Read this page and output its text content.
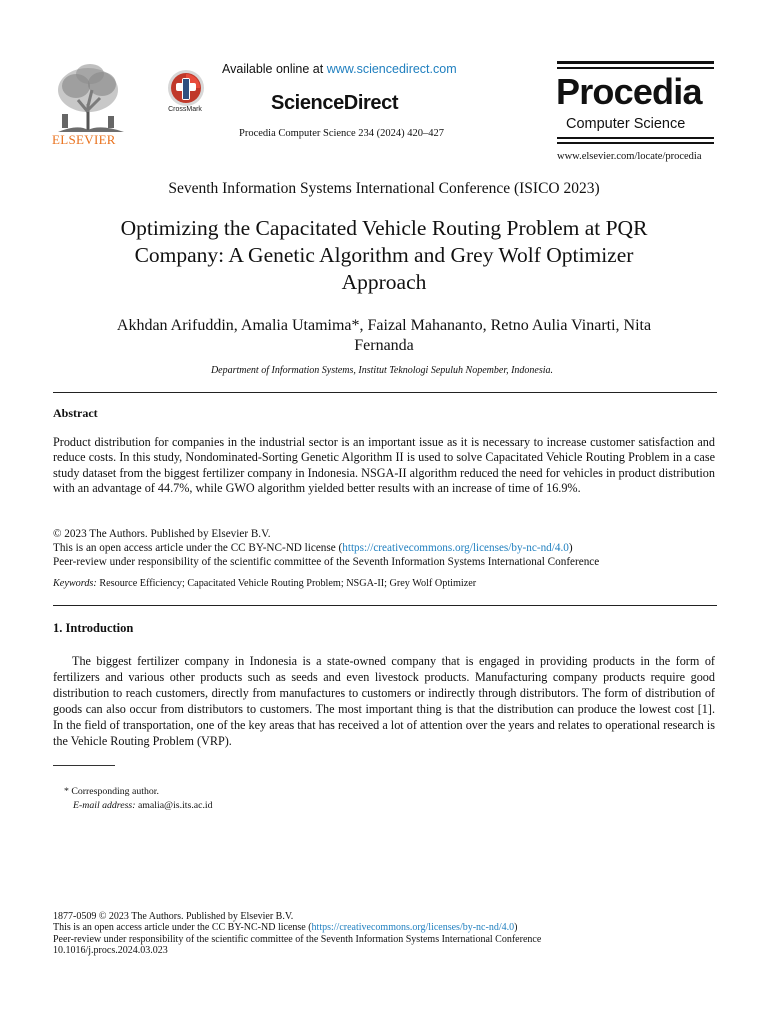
ELSEVIER
CrossMark
Available online at www.sciencedirect.com
ScienceDirect
Procedia Computer Science 234 (2024) 420–427
Procedia
Computer Science
www.elsevier.com/locate/procedia
Seventh Information Systems International Conference (ISICO 2023)
Optimizing the Capacitated Vehicle Routing Problem at PQR
Company: A Genetic Algorithm and Grey Wolf Optimizer
Approach
Akhdan Arifuddin, Amalia Utamima*, Faizal Mahananto, Retno Aulia Vinarti, Nita
Fernanda
Department of Information Systems, Institut Teknologi Sepuluh Nopember, Indonesia.
Abstract
Product distribution for companies in the industrial sector is an important issue as it is necessary to increase customer satisfaction and reduce costs. In this study, Nondominated-Sorting Genetic Algorithm II is used to solve Capacitated Vehicle Routing Problem in a case study dataset from the biggest fertilizer company in Indonesia. NSGA-II algorithm reduced the need for vehicles in product distribution with an advantage of 44.7%, while GWO algorithm yielded better results with an increase of time of 16.9%.
© 2023 The Authors. Published by Elsevier B.V.
This is an open access article under the CC BY-NC-ND license (https://creativecommons.org/licenses/by-nc-nd/4.0)
Peer-review under responsibility of the scientific committee of the Seventh Information Systems International Conference
Keywords: Resource Efficiency; Capacitated Vehicle Routing Problem; NSGA-II; Grey Wolf Optimizer
1. Introduction
The biggest fertilizer company in Indonesia is a state-owned company that is engaged in providing products in the form of fertilizers and various other products such as seeds and even livestock products. Manufacturing company products require good distribution to reach customers, directly from manufactures to customers or indirectly through distributors. The form of distribution of goods can also occur from distributors to customers. The most important thing is that the distribution can produce the lowest cost [1]. In the field of transportation, one of the key areas that has received a lot of attention over the years and relates to operational research is the Vehicle Routing Problem (VRP).
* Corresponding author.
E-mail address: amalia@is.its.ac.id
1877-0509 © 2023 The Authors. Published by Elsevier B.V.
This is an open access article under the CC BY-NC-ND license (https://creativecommons.org/licenses/by-nc-nd/4.0)
Peer-review under responsibility of the scientific committee of the Seventh Information Systems International Conference
10.1016/j.procs.2024.03.023
